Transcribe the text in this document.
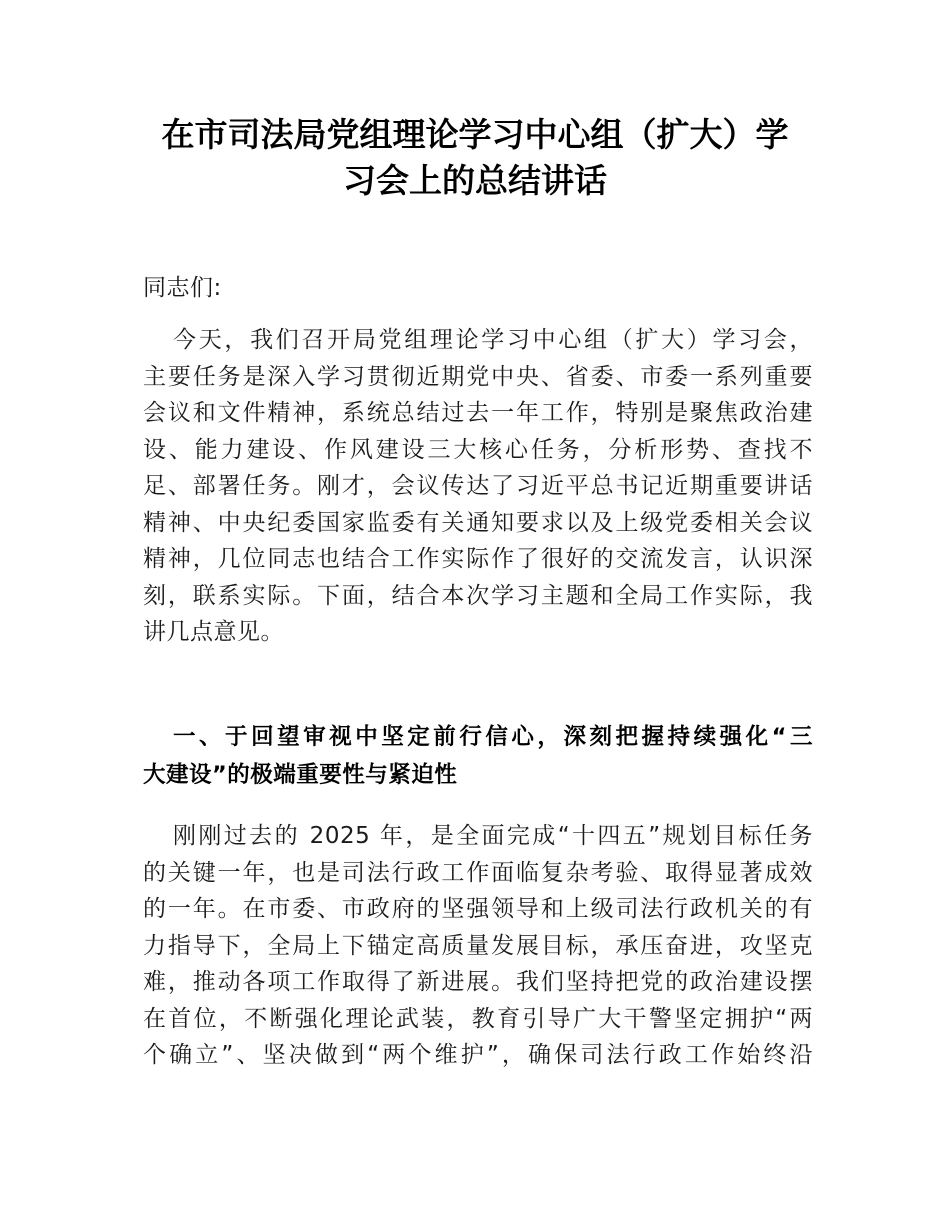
在市司法局党组理论学习中心组（扩大）学
习会上的总结讲话
同志们:
今天，我们召开局党组理论学习中心组（扩大）学习会，
主要任务是深入学习贯彻近期党中央、省委、市委一系列重要
会议和文件精神，系统总结过去一年工作，特别是聚焦政治建
设、能力建设、作风建设三大核心任务，分析形势、查找不
足、部署任务。刚才，会议传达了习近平总书记近期重要讲话
精神、中央纪委国家监委有关通知要求以及上级党委相关会议
精神，几位同志也结合工作实际作了很好的交流发言，认识深
刻，联系实际。下面，结合本次学习主题和全局工作实际，我
讲几点意见。
一、于回望审视中坚定前行信心，深刻把握持续强化“三
大建设”的极端重要性与紧迫性
刚刚过去的 2025 年，是全面完成“十四五”规划目标任务
的关键一年，也是司法行政工作面临复杂考验、取得显著成效
的一年。在市委、市政府的坚强领导和上级司法行政机关的有
力指导下，全局上下锚定高质量发展目标，承压奋进，攻坚克
难，推动各项工作取得了新进展。我们坚持把党的政治建设摆
在首位，不断强化理论武装，教育引导广大干警坚定拥护“两
个确立”、坚决做到“两个维护”，确保司法行政工作始终沿
